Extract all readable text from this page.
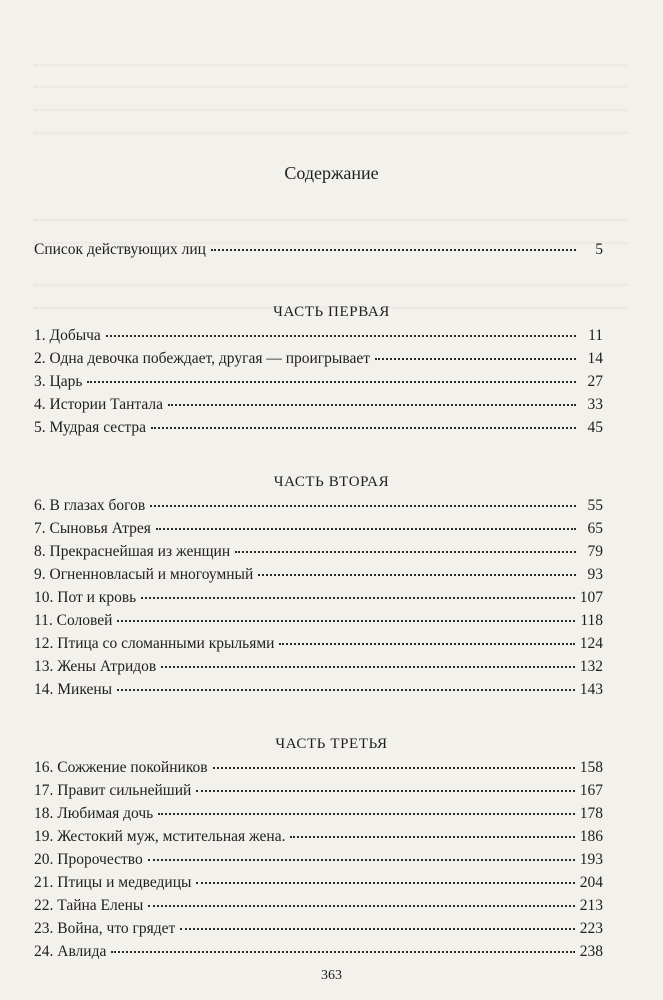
Содержание
Список действующих лиц	5
ЧАСТЬ ПЕРВАЯ
1. Добыча	11
2. Одна девочка побеждает, другая — проигрывает	14
3. Царь	27
4. Истории Тантала	33
5. Мудрая сестра	45
ЧАСТЬ ВТОРАЯ
6. В глазах богов	55
7. Сыновья Атрея	65
8. Прекраснейшая из женщин	79
9. Огненновласый и многоумный	93
10. Пот и кровь	107
11. Соловей	118
12. Птица со сломанными крыльями	124
13. Жены Атридов	132
14. Микены	143
ЧАСТЬ ТРЕТЬЯ
16. Сожжение покойников	158
17. Правит сильнейший	167
18. Любимая дочь	178
19. Жестокий муж, мстительная жена.	186
20. Пророчество	193
21. Птицы и медведицы	204
22. Тайна Елены	213
23. Война, что грядет	223
24. Авлида	238
363
